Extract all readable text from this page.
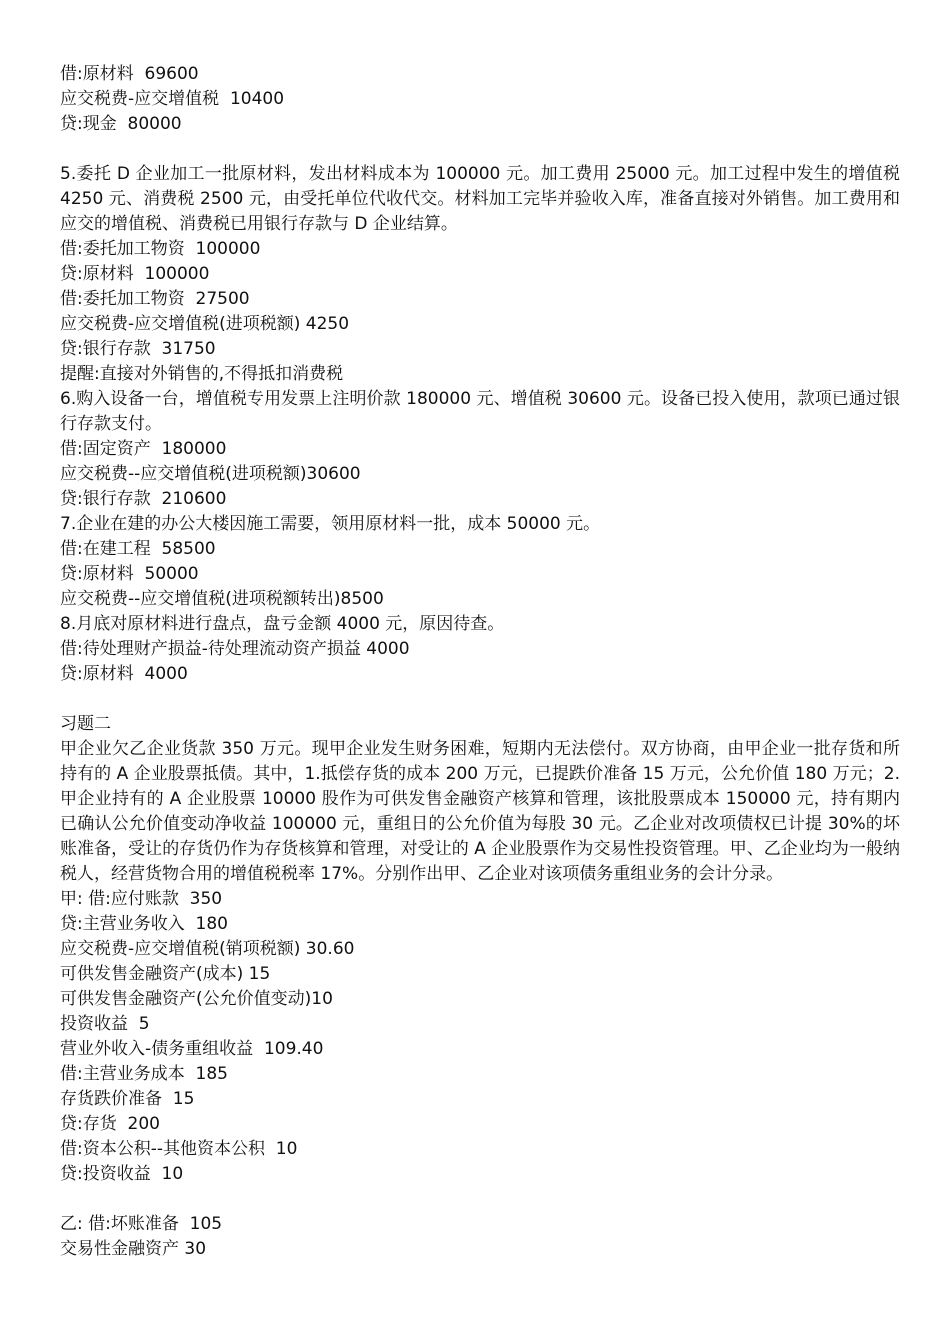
借:原材料  69600
应交税费-应交增值税  10400
贷:现金  80000
5.委托 D 企业加工一批原材料，发出材料成本为 100000 元。加工费用 25000 元。加工过程中发生的增值税 4250 元、消费税 2500 元，由受托单位代收代交。材料加工完毕并验收入库，准备直接对外销售。加工费用和应交的增值税、消费税已用银行存款与 D 企业结算。
借:委托加工物资  100000
贷:原材料  100000
借:委托加工物资  27500
应交税费-应交增值税(进项税额) 4250
贷:银行存款  31750
提醒:直接对外销售的,不得抵扣消费税
6.购入设备一台，增值税专用发票上注明价款 180000 元、增值税 30600 元。设备已投入使用，款项已通过银行存款支付。
借:固定资产  180000
应交税费--应交增值税(进项税额)30600
贷:银行存款  210600
7.企业在建的办公大楼因施工需要，领用原材料一批，成本 50000 元。
借:在建工程  58500
贷:原材料  50000
应交税费--应交增值税(进项税额转出)8500
8.月底对原材料进行盘点，盘亏金额 4000 元，原因待查。
借:待处理财产损益-待处理流动资产损益 4000
贷:原材料  4000
习题二
甲企业欠乙企业货款 350 万元。现甲企业发生财务困难，短期内无法偿付。双方协商，由甲企业一批存货和所持有的 A 企业股票抵债。其中，1.抵偿存货的成本 200 万元，已提跌价准备 15 万元，公允价值 180 万元；2.甲企业持有的 A 企业股票 10000 股作为可供发售金融资产核算和管理，该批股票成本 150000 元，持有期内已确认公允价值变动净收益 100000 元，重组日的公允价值为每股 30 元。乙企业对改项债权已计提 30%的坏账准备，受让的存货仍作为存货核算和管理，对受让的 A 企业股票作为交易性投资管理。甲、乙企业均为一般纳税人，经营货物合用的增值税税率 17%。分别作出甲、乙企业对该项债务重组业务的会计分录。
甲: 借:应付账款  350
贷:主营业务收入  180
应交税费-应交增值税(销项税额) 30.60
可供发售金融资产(成本) 15
可供发售金融资产(公允价值变动)10
投资收益  5
营业外收入-债务重组收益  109.40
借:主营业务成本  185
存货跌价准备  15
贷:存货  200
借:资本公积--其他资本公积  10
贷:投资收益  10
乙: 借:坏账准备  105
交易性金融资产 30
